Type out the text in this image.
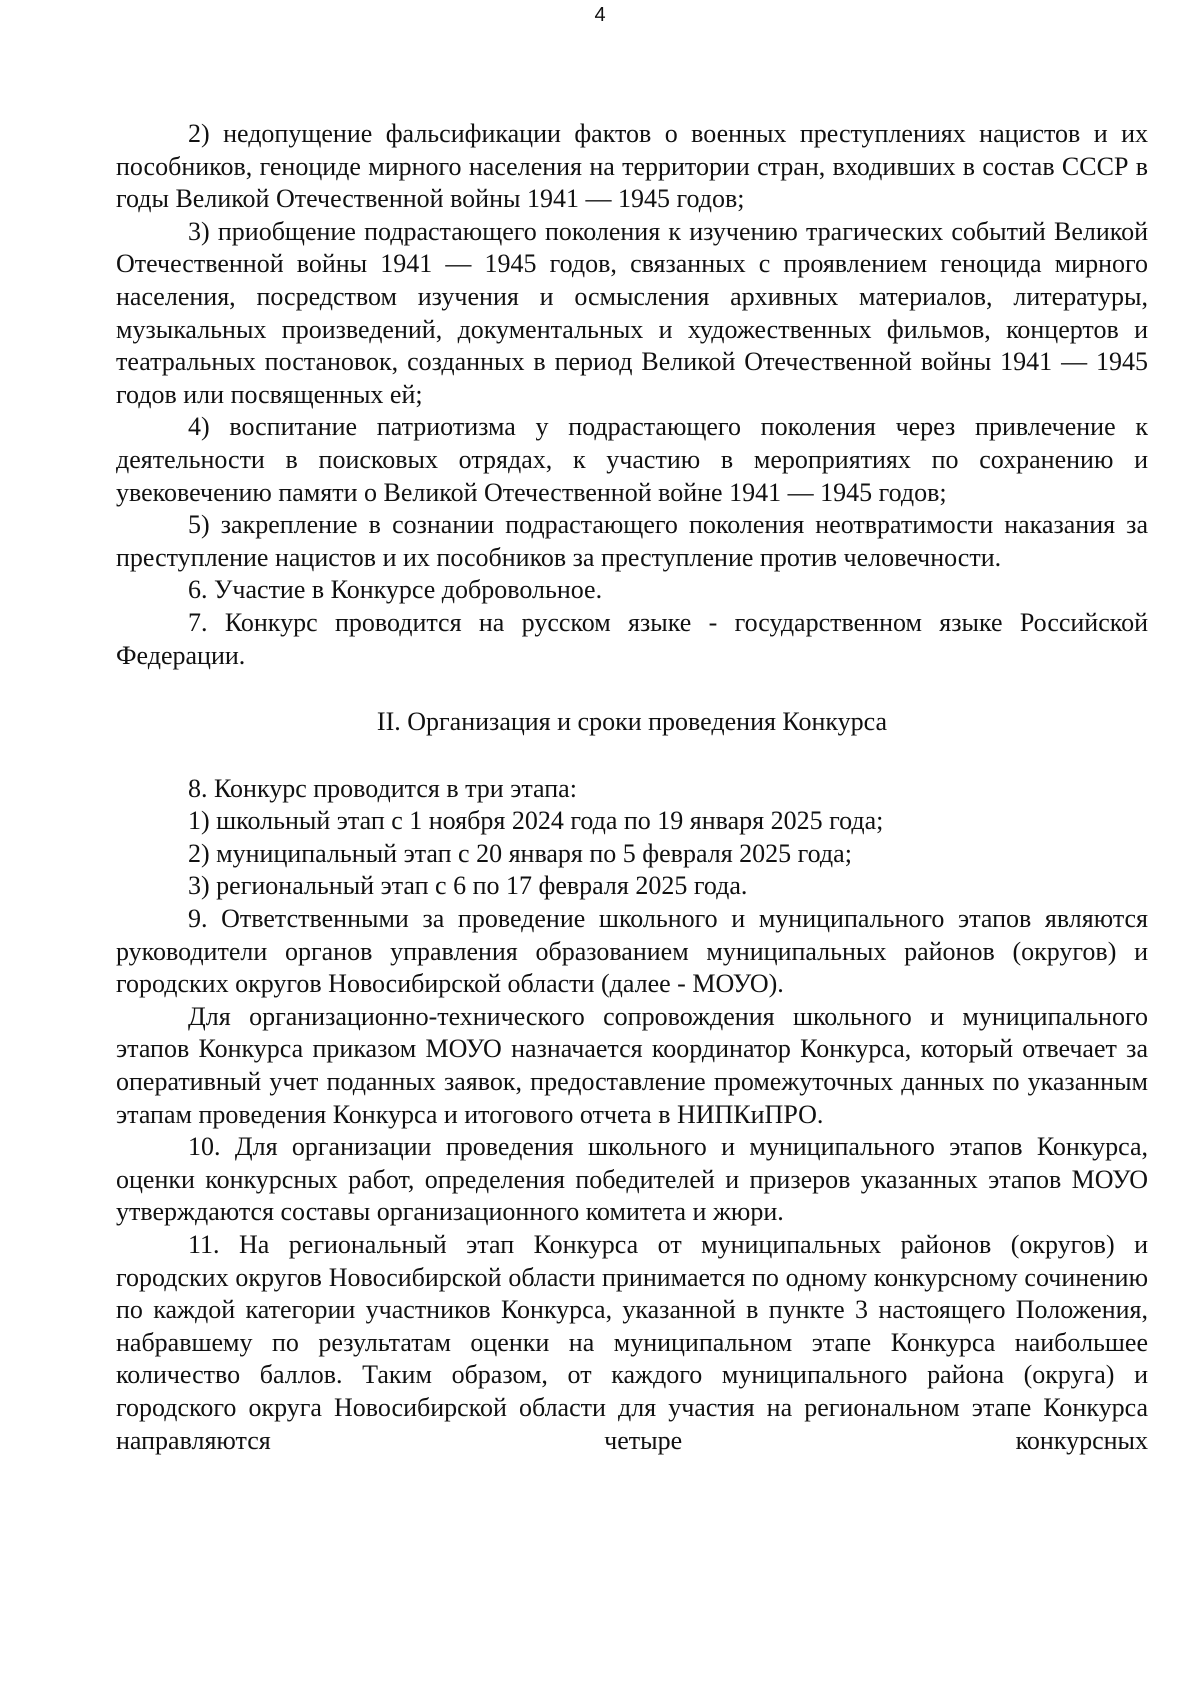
4

2) недопущение фальсификации фактов о военных преступлениях нацистов и их пособников, геноциде мирного населения на территории стран, входивших в состав СССР в годы Великой Отечественной войны 1941 — 1945 годов;

3) приобщение подрастающего поколения к изучению трагических событий Великой Отечественной войны 1941 — 1945 годов, связанных с проявлением геноцида мирного населения, посредством изучения и осмысления архивных материалов, литературы, музыкальных произведений, документальных и художественных фильмов, концертов и театральных постановок, созданных в период Великой Отечественной войны 1941 — 1945 годов или посвященных ей;

4) воспитание патриотизма у подрастающего поколения через привлечение к деятельности в поисковых отрядах, к участию в мероприятиях по сохранению и увековечению памяти о Великой Отечественной войне 1941 — 1945 годов;

5) закрепление в сознании подрастающего поколения неотвратимости наказания за преступление нацистов и их пособников за преступление против человечности.

6. Участие в Конкурсе добровольное.

7. Конкурс проводится на русском языке - государственном языке Российской Федерации.

II. Организация и сроки проведения Конкурса

8. Конкурс проводится в три этапа:

1) школьный этап с 1 ноября 2024 года по 19 января 2025 года;

2) муниципальный этап с 20 января по 5 февраля 2025 года;

3) региональный этап с 6 по 17 февраля 2025 года.

9. Ответственными за проведение школьного и муниципального этапов являются руководители органов управления образованием муниципальных районов (округов) и городских округов Новосибирской области (далее - МОУО).

Для организационно-технического сопровождения школьного и муниципального этапов Конкурса приказом МОУО назначается координатор Конкурса, который отвечает за оперативный учет поданных заявок, предоставление промежуточных данных по указанным этапам проведения Конкурса и итогового отчета в НИПКиПРО.

10. Для организации проведения школьного и муниципального этапов Конкурса, оценки конкурсных работ, определения победителей и призеров указанных этапов МОУО утверждаются составы организационного комитета и жюри.

11. На региональный этап Конкурса от муниципальных районов (округов) и городских округов Новосибирской области принимается по одному конкурсному сочинению по каждой категории участников Конкурса, указанной в пункте 3 настоящего Положения, набравшему по результатам оценки на муниципальном этапе Конкурса наибольшее количество баллов. Таким образом, от каждого муниципального района (округа) и городского округа Новосибирской области для участия на региональном этапе Конкурса направляются четыре конкурсных
